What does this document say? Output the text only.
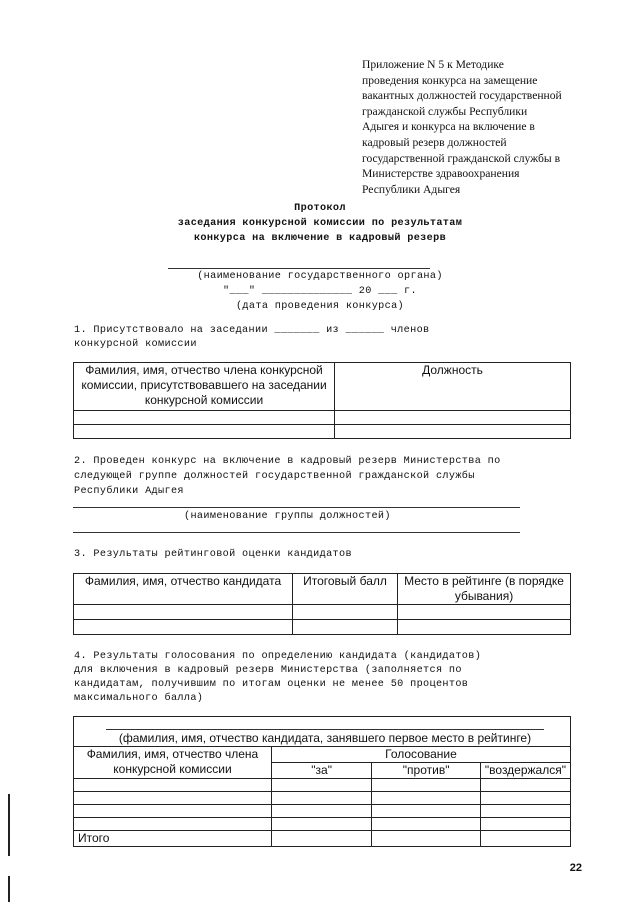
Приложение N 5 к Методике
проведения конкурса на замещение
вакантных должностей государственной
гражданской службы Республики
Адыгея и конкурса на включение в
кадровый резерв должностей
государственной гражданской службы в
Министерстве здравоохранения
Республики Адыгея
Протокол
заседания конкурсной комиссии по результатам
конкурса на включение в кадровый резерв
(наименование государственного органа)
"___" ______________ 20 ___ г.
(дата проведения конкурса)
1. Присутствовало на заседании _______ из ______ членов
конкурсной комиссии
Фамилия, имя, отчество члена конкурсной комиссии, присутствовавшего на заседании конкурсной комиссии	Должность

2. Проведен конкурс на включение в кадровый резерв Министерства по
следующей группе должностей государственной гражданской службы
Республики Адыгея
(наименование группы должностей)
3. Результаты рейтинговой оценки кандидатов
Фамилия, имя, отчество кандидата	Итоговый балл	Место в рейтинге (в порядке убывания)

4. Результаты голосования по определению кандидата (кандидатов)
для включения в кадровый резерв Министерства (заполняется по
кандидатам, получившим по итогам оценки не менее 50 процентов
максимального балла)
(фамилия, имя, отчество кандидата, занявшего первое место в рейтинге)			

Фамилия, имя, отчество члена конкурсной комиссии	Голосование		
	"за"	"против"	"воздержался"

Итого			
22
